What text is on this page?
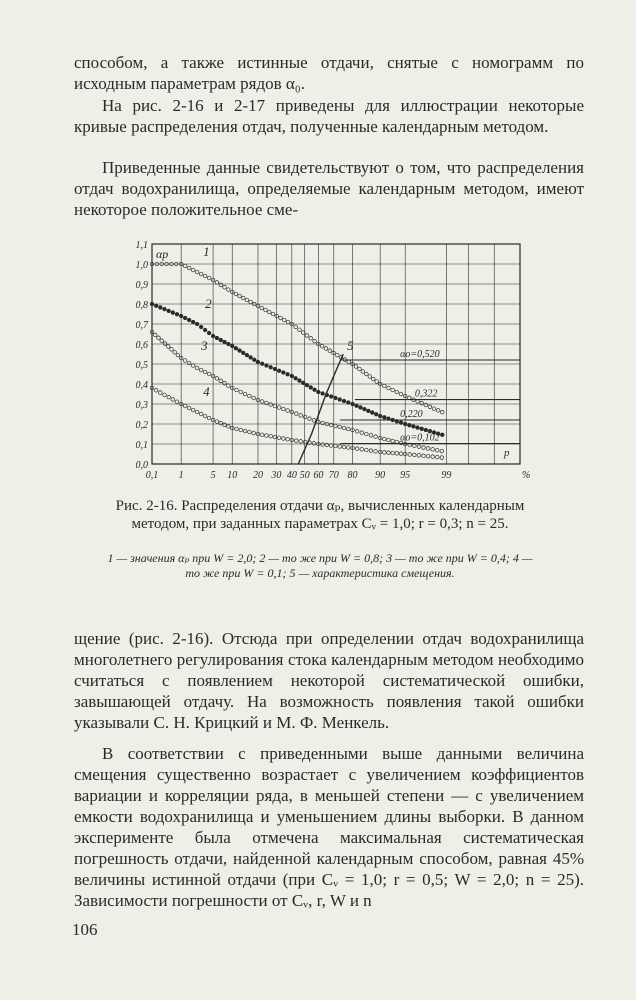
способом, а также истинные отдачи, снятые с номограмм по исходным параметрам рядов α₀.

На рис. 2-16 и 2-17 приведены для иллюстрации некоторые кривые распределения отдач, полученные календарным методом.

Приведенные данные свидетельствуют о том, что распределения отдач водохранилища, определяемые календарным методом, имеют некоторое положительное сме-

0,0
0,1
0,2
0,3
0,4
0,5
0,6
0,7
0,8
0,9
1,0
1,1
0,1 1	5 10 20 30 40 50 60 70 80 90 95	99
αp
p
%
1
2
3
4
5
αo=0,520
0,322
0,220
αo=0,102

Рис. 2-16. Распределения отдачи αₚ, вычисленных календарным методом, при заданных параметрах Cᵥ = 1,0; r = 0,3; n = 25.

1 — значения αₚ при W = 2,0; 2 — то же при W = 0,8; 3 — то же при W = 0,4; 4 — то же при W = 0,1; 5 — характеристика смещения.

щение (рис. 2-16). Отсюда при определении отдач водохранилища многолетнего регулирования стока календарным методом необходимо считаться с появлением некоторой систематической ошибки, завышающей отдачу. На возможность появления такой ошибки указывали С. Н. Крицкий и М. Ф. Менкель.

В соответствии с приведенными выше данными величина смещения существенно возрастает с увеличением коэффициентов вариации и корреляции ряда, в меньшей степени — с увеличением емкости водохранилища и уменьшением длины выборки. В данном эксперименте была отмечена максимальная систематическая погрешность отдачи, найденной календарным способом, равная 45% величины истинной отдачи (при Cᵥ = 1,0; r = 0,5; W = 2,0; n = 25). Зависимости погрешности от Cᵥ, r, W и n

106
